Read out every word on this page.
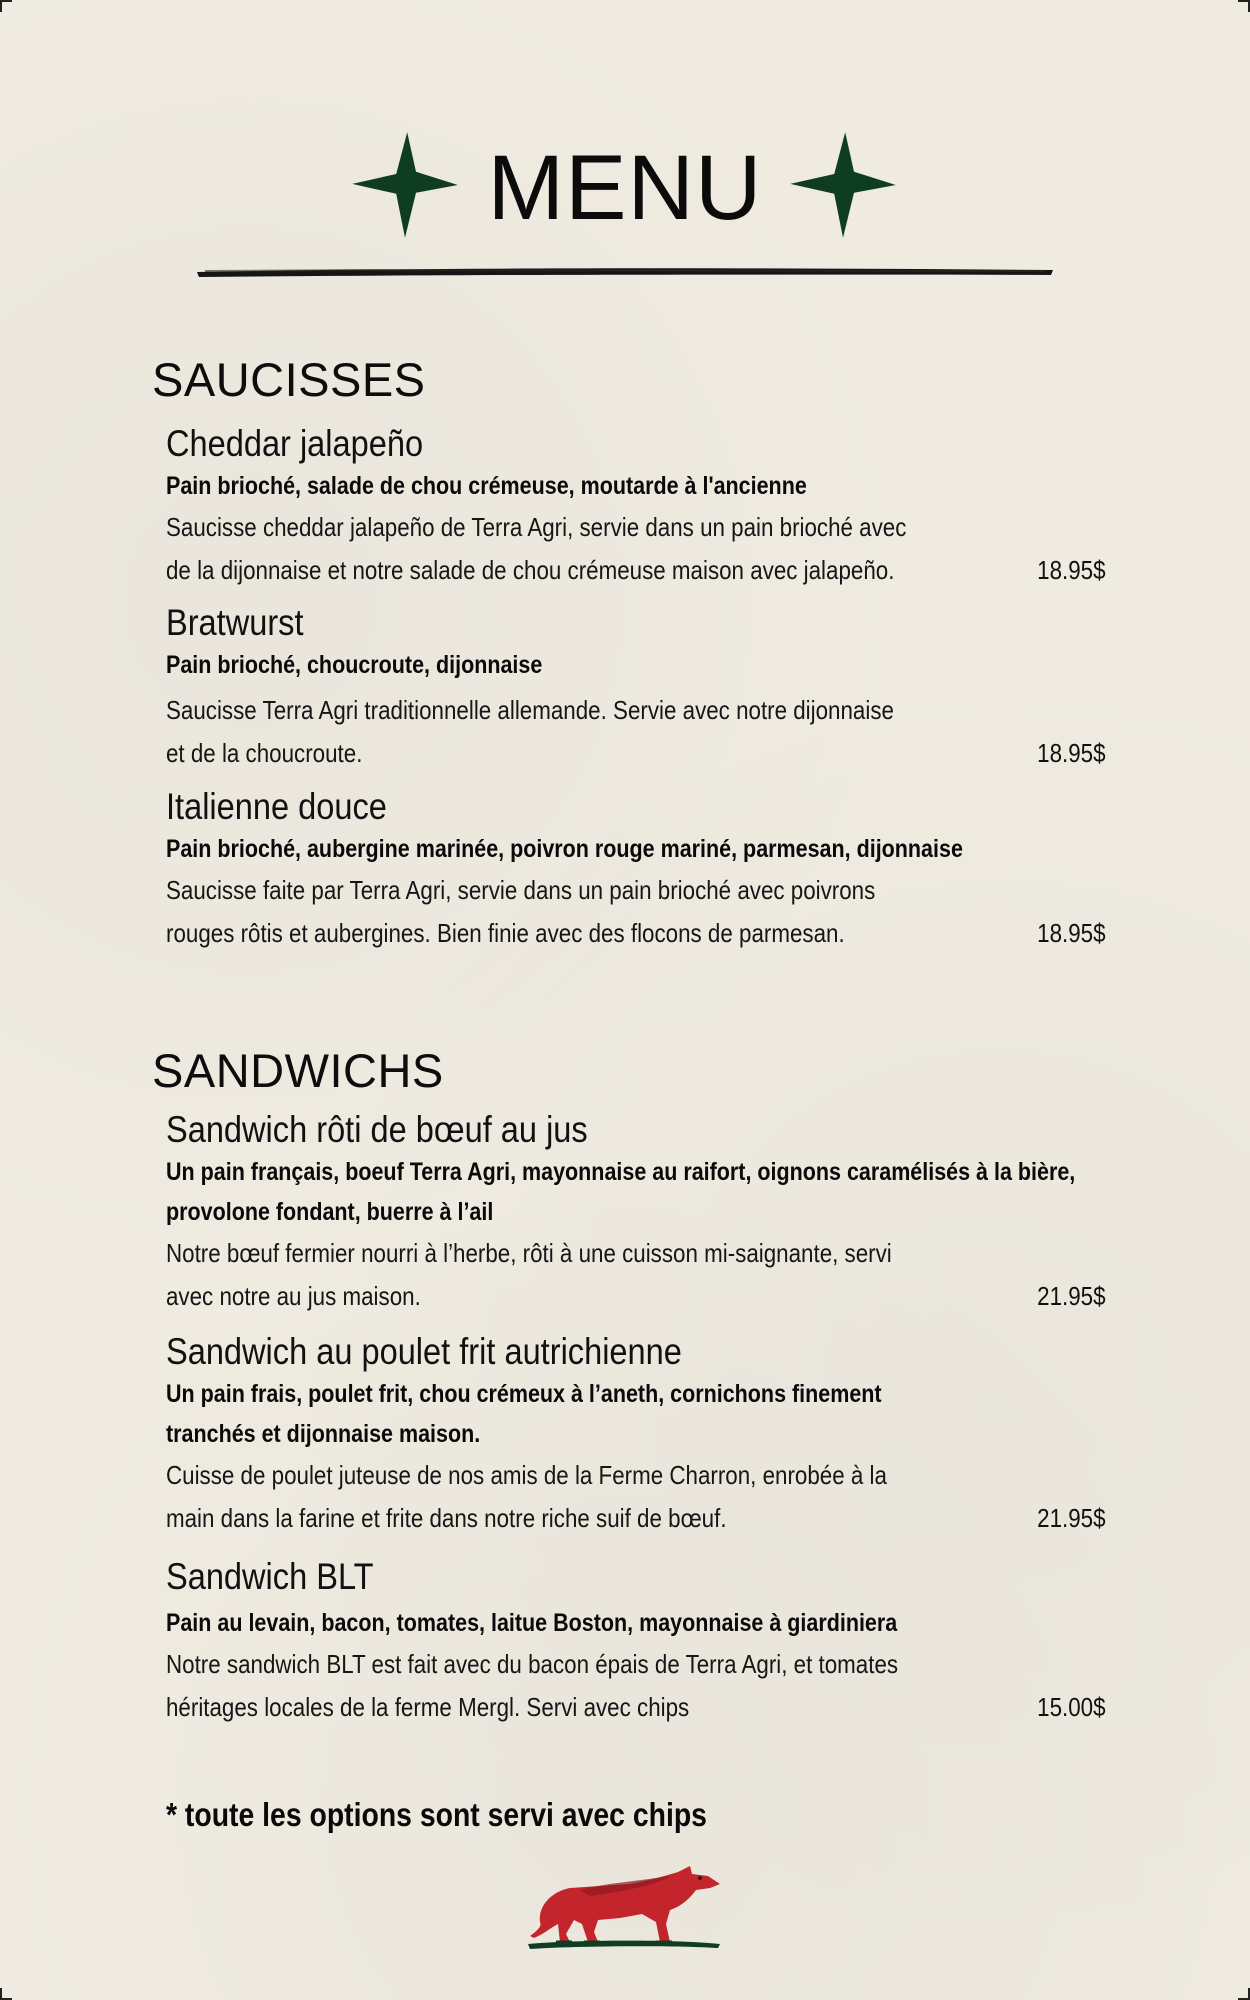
MENU
SAUCISSES
Cheddar jalapeño
Pain brioché, salade de chou crémeuse, moutarde à l'ancienne
Saucisse cheddar jalapeño de Terra Agri, servie dans un pain brioché avec de la dijonnaise et notre salade de chou crémeuse maison avec jalapeño.	18.95$
Bratwurst
Pain brioché, choucroute, dijonnaise
Saucisse Terra Agri traditionnelle allemande. Servie avec notre dijonnaise et de la choucroute.	18.95$
Italienne douce
Pain brioché, aubergine marinée, poivron rouge mariné, parmesan, dijonnaise
Saucisse faite par Terra Agri, servie dans un pain brioché avec poivrons rouges rôtis et aubergines. Bien finie avec des flocons de parmesan.	18.95$
SANDWICHS
Sandwich rôti de bœuf au jus
Un pain français, boeuf Terra Agri, mayonnaise au raifort, oignons caramélisés à la bière, provolone fondant, buerre à l’ail
Notre bœuf fermier nourri à l’herbe, rôti à une cuisson mi-saignante, servi avec notre au jus maison.	21.95$
Sandwich au poulet frit autrichienne
Un pain frais, poulet frit, chou crémeux à l’aneth, cornichons finement tranchés et dijonnaise maison.
Cuisse de poulet juteuse de nos amis de la Ferme Charron, enrobée à la main dans la farine et frite dans notre riche suif de bœuf.	21.95$
Sandwich BLT
Pain au levain, bacon, tomates, laitue Boston, mayonnaise à giardiniera
Notre sandwich BLT est fait avec du bacon épais de Terra Agri, et tomates héritages locales de la ferme Mergl. Servi avec chips	15.00$
* toute les options sont servi avec chips
